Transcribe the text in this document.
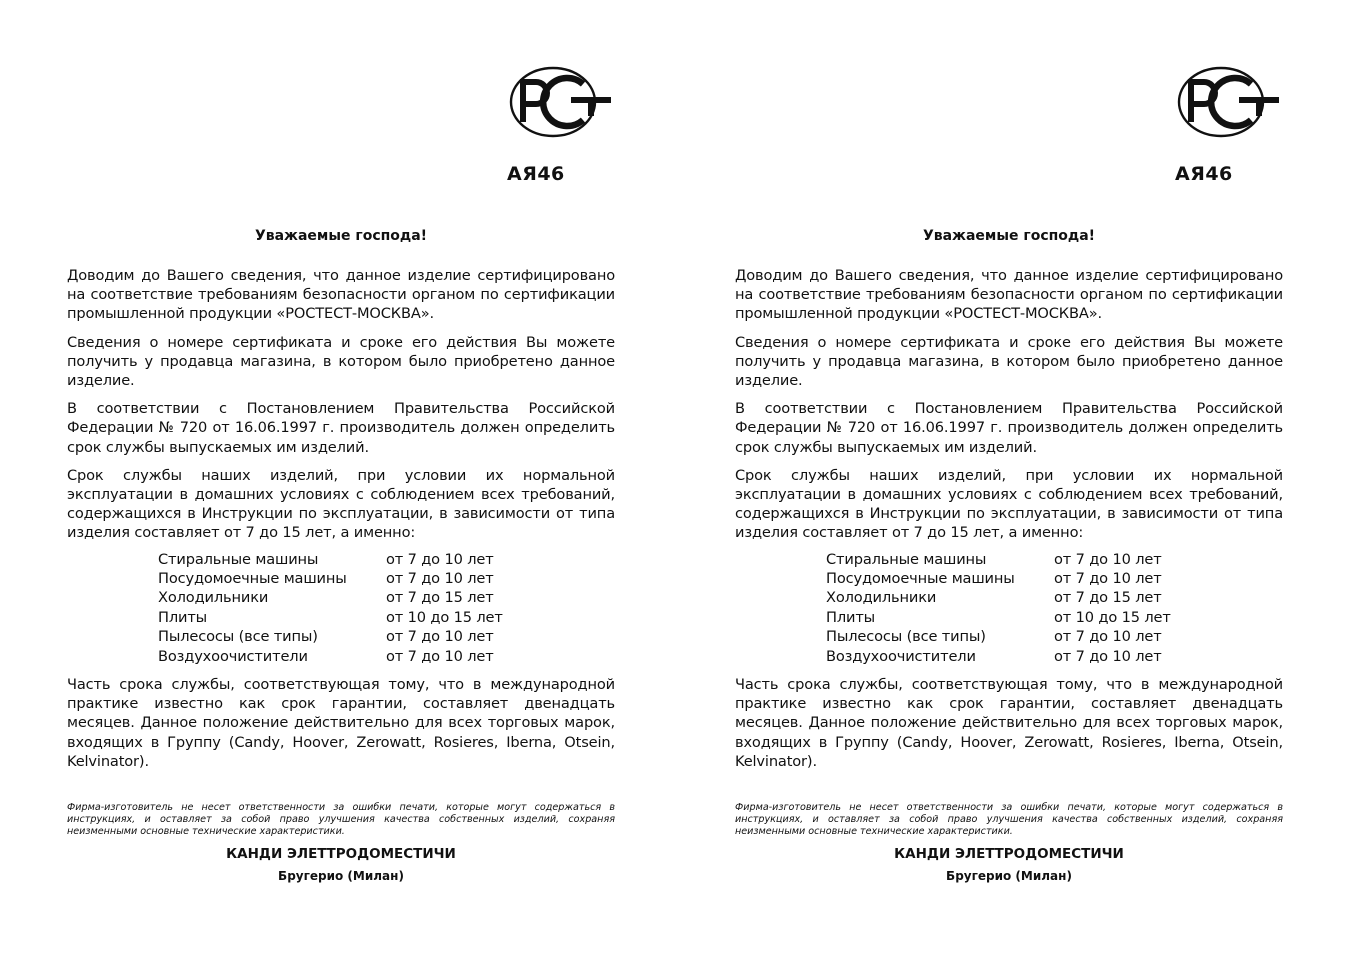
АЯ46
Уважаемые господа!

Доводим до Вашего сведения, что данное изделие сертифицировано на соответствие требованиям безопасности органом по сертификации промышленной продукции «РОСТЕСТ-МОСКВА».

Сведения о номере сертификата и сроке его действия Вы можете получить у продавца магазина, в котором было приобретено данное изделие.

В соответствии с Постановлением Правительства Российской Федерации № 720 от 16.06.1997 г. производитель должен определить срок службы выпускаемых им изделий.

Срок службы наших изделий, при условии их нормальной эксплуатации в домашних условиях с соблюдением всех требований, содержащихся в Инструкции по эксплуатации, в зависимости от типа изделия составляет от 7 до 15 лет, а именно:

Стиральные машины	от 7 до 10 лет
Посудомоечные машины	от 7 до 10 лет
Холодильники	от 7 до 15 лет
Плиты	от 10 до 15 лет
Пылесосы (все типы)	от 7 до 10 лет
Воздухоочистители	от 7 до 10 лет

Часть срока службы, соответствующая тому, что в международной практике известно как срок гарантии, составляет двенадцать месяцев. Данное положение действительно для всех торговых марок, входящих в Группу (Candy, Hoover, Zerowatt, Rosieres, Iberna, Otsein, Kelvinator).

Фирма-изготовитель не несет ответственности за ошибки печати, которые могут содержаться в инструкциях, и оставляет за собой право улучшения качества собственных изделий, сохраняя неизменными основные технические характеристики.
КАНДИ ЭЛЕТТРОДОМЕСТИЧИ
Бругерио (Милан)
АЯ46
Уважаемые господа!

Доводим до Вашего сведения, что данное изделие сертифицировано на соответствие требованиям безопасности органом по сертификации промышленной продукции «РОСТЕСТ-МОСКВА».

Сведения о номере сертификата и сроке его действия Вы можете получить у продавца магазина, в котором было приобретено данное изделие.

В соответствии с Постановлением Правительства Российской Федерации № 720 от 16.06.1997 г. производитель должен определить срок службы выпускаемых им изделий.

Срок службы наших изделий, при условии их нормальной эксплуатации в домашних условиях с соблюдением всех требований, содержащихся в Инструкции по эксплуатации, в зависимости от типа изделия составляет от 7 до 15 лет, а именно:

Стиральные машины	от 7 до 10 лет
Посудомоечные машины	от 7 до 10 лет
Холодильники	от 7 до 15 лет
Плиты	от 10 до 15 лет
Пылесосы (все типы)	от 7 до 10 лет
Воздухоочистители	от 7 до 10 лет

Часть срока службы, соответствующая тому, что в международной практике известно как срок гарантии, составляет двенадцать месяцев. Данное положение действительно для всех торговых марок, входящих в Группу (Candy, Hoover, Zerowatt, Rosieres, Iberna, Otsein, Kelvinator).

Фирма-изготовитель не несет ответственности за ошибки печати, которые могут содержаться в инструкциях, и оставляет за собой право улучшения качества собственных изделий, сохраняя неизменными основные технические характеристики.
КАНДИ ЭЛЕТТРОДОМЕСТИЧИ
Бругерио (Милан)
